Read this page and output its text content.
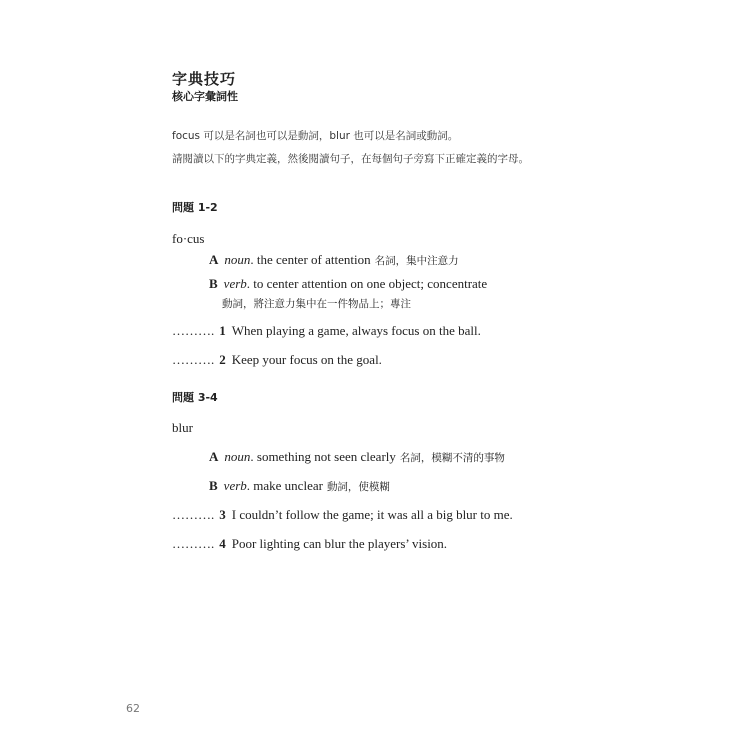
字典技巧
核心字彙詞性
focus 可以是名詞也可以是動詞，blur 也可以是名詞或動詞。
請閱讀以下的字典定義，然後閱讀句子，在每個句子旁寫下正確定義的字母。
問題 1-2
fo·cus
A noun. the center of attention 名詞，集中注意力
B verb. to center attention on one object; concentrate
動詞，將注意力集中在一件物品上；專注
………. 1 When playing a game, always focus on the ball.
………. 2 Keep your focus on the goal.
問題 3-4
blur
A noun. something not seen clearly 名詞，模糊不清的事物
B verb. make unclear 動詞，使模糊
………. 3 I couldn’t follow the game; it was all a big blur to me.
………. 4 Poor lighting can blur the players’ vision.
62
